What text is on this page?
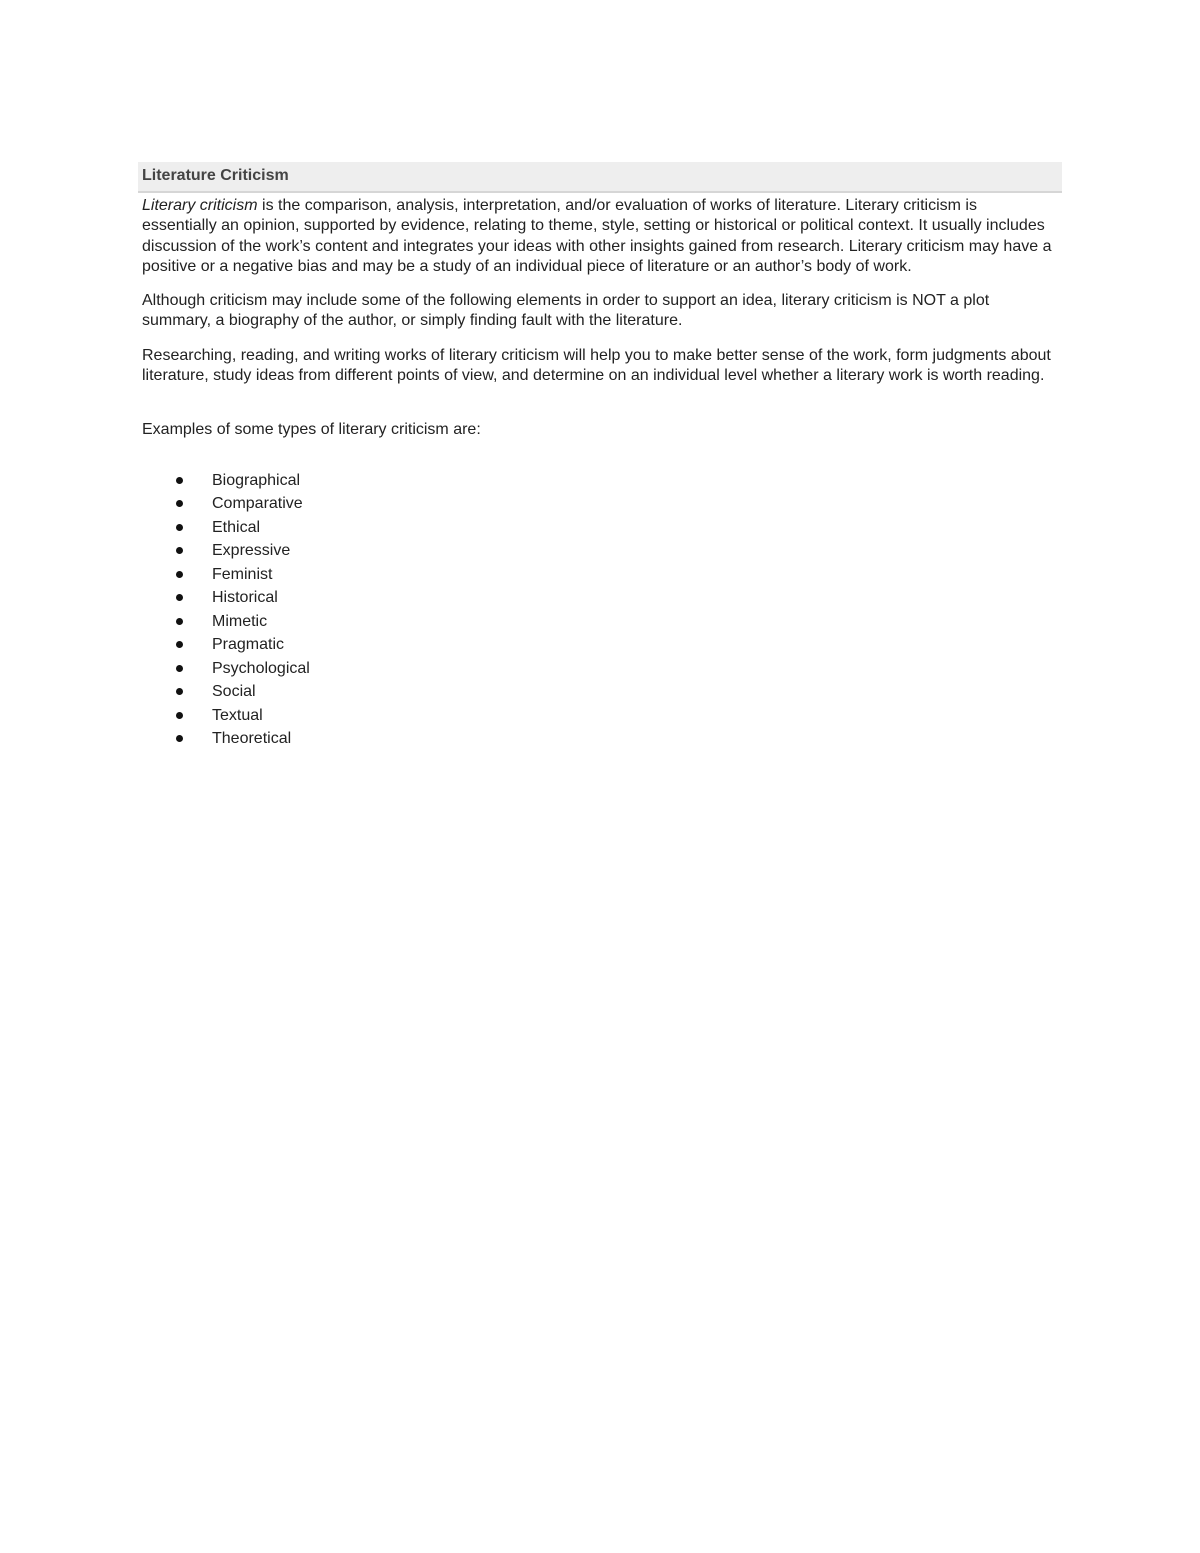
Literature Criticism

Literary criticism is the comparison, analysis, interpretation, and/or evaluation of works of literature. Literary criticism is essentially an opinion, supported by evidence, relating to theme, style, setting or historical or political context. It usually includes discussion of the work’s content and integrates your ideas with other insights gained from research. Literary criticism may have a positive or a negative bias and may be a study of an individual piece of literature or an author’s body of work.

Although criticism may include some of the following elements in order to support an idea, literary criticism is NOT a plot summary, a biography of the author, or simply finding fault with the literature.

Researching, reading, and writing works of literary criticism will help you to make better sense of the work, form judgments about literature, study ideas from different points of view, and determine on an individual level whether a literary work is worth reading.

Examples of some types of literary criticism are:

Biographical
Comparative
Ethical
Expressive
Feminist
Historical
Mimetic
Pragmatic
Psychological
Social
Textual
Theoretical
